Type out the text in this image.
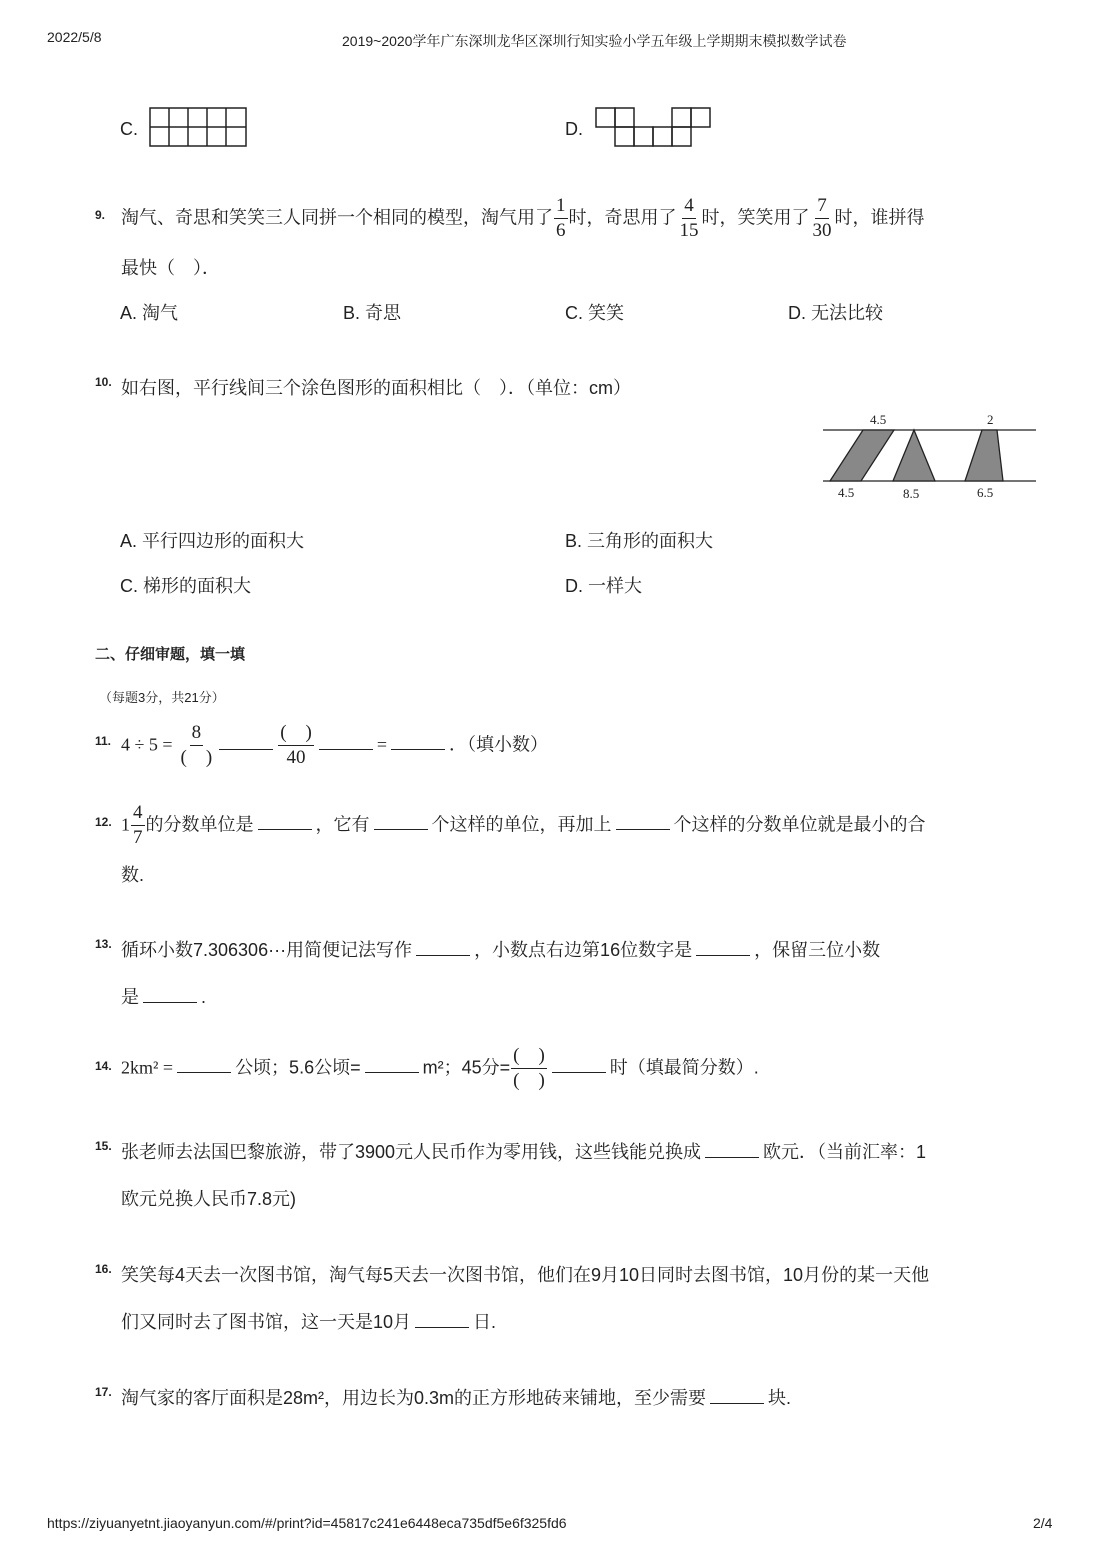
2022/5/8	2019~2020学年广东深圳龙华区深圳行知实验小学五年级上学期期末模拟数学试卷
https://ziyuanyetnt.jiaoyanyun.com/#/print?id=45817c241e6448eca735df5e6f325fd6	2/4
C.	D.
9. 淘气、奇思和笑笑三人同拼一个相同的模型，淘气用了 $\frac{1}{6}$ 时，奇思用了 $\frac{4}{15}$ 时，笑笑用了 $\frac{7}{30}$ 时，谁拼得
最快（　）．
A. 淘气	B. 奇思	C. 笑笑	D. 无法比较
10. 如右图，平行线间三个涂色图形的面积相比（　）．（单位：cm）
4.5	2
4.5	8.5	6.5
A. 平行四边形的面积大	B. 三角形的面积大
C. 梯形的面积大	D. 一样大
二、仔细审题，填一填
（每题3分，共21分）
11. $4 \div 5 = \frac{8}{( )}$	$\frac{( )}{40}$	=	．（填小数）
12. $1 \frac{4}{7}$ 的分数单位是	，它有	个这样的单位，再加上	个这样的分数单位就是最小的合
数.
13. 循环小数7.306306···用简便记法写作	，小数点右边第16位数字是	，保留三位小数
是	.
14. 2km² =	公顷；5.6公顷=	m²；45分= $\frac{( )}{( )}$	时（填最简分数）.
15. 张老师去法国巴黎旅游，带了3900元人民币作为零用钱，这些钱能兑换成	欧元．（当前汇率：1
欧元兑换人民币7.8元)
16. 笑笑每4天去一次图书馆，淘气每5天去一次图书馆，他们在9月10日同时去图书馆，10月份的某一天他
们又同时去了图书馆，这一天是10月	日.
17. 淘气家的客厅面积是28m²，用边长为0.3m的正方形地砖来铺地，至少需要	块.
